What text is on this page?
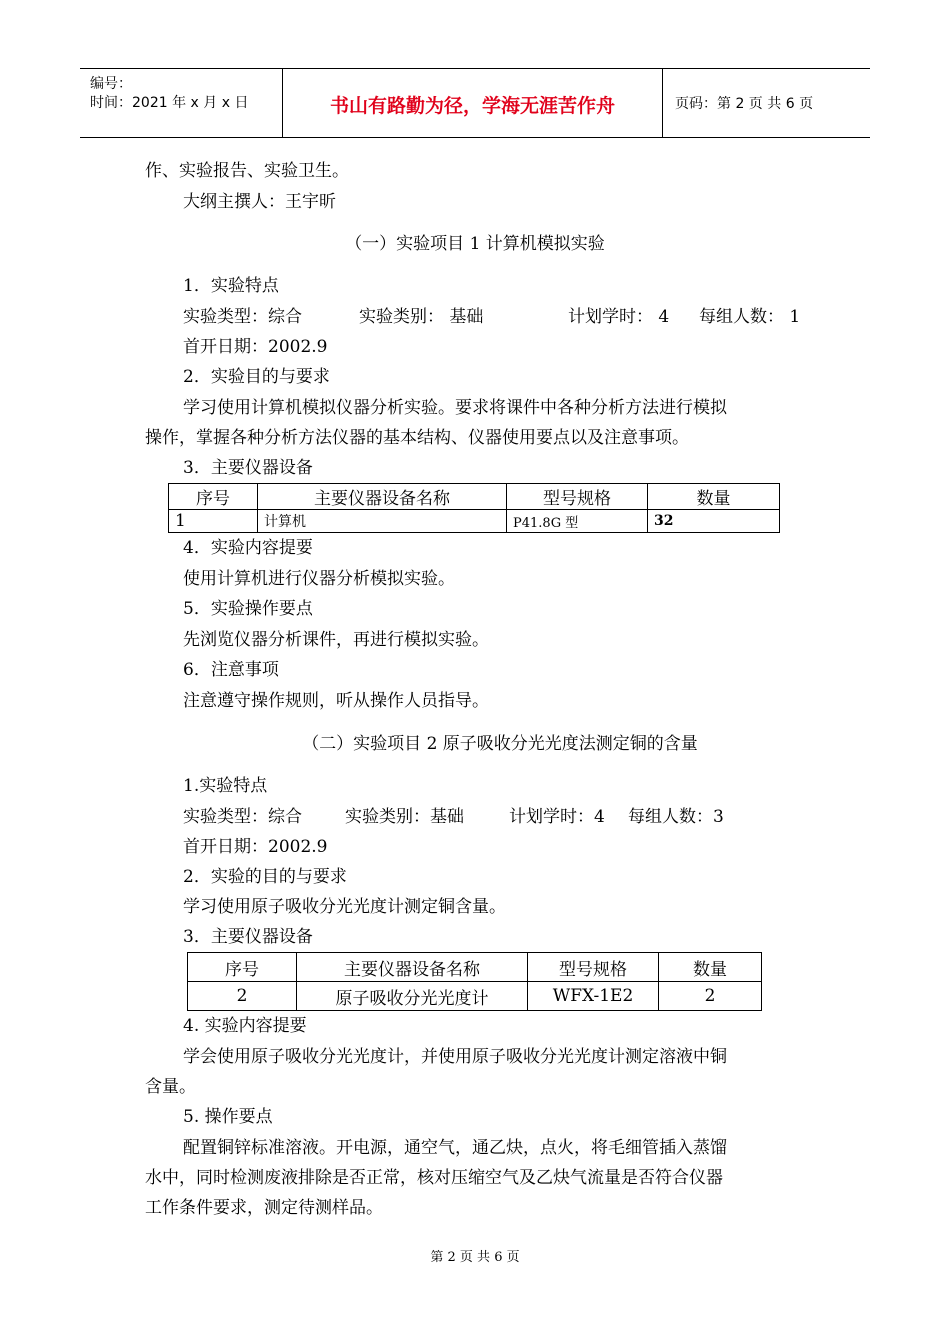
编号：
时间：2021 年 x 月 x 日	书山有路勤为径，学海无涯苦作舟	页码：第 2 页 共 6 页
作、实验报告、实验卫生。
大纲主撰人：王宇昕
（一）实验项目 1 计算机模拟实验
1．实验特点
实验类型：综合	实验类别： 基础	计划学时： 4 每组人数： 1
首开日期：2002.9
2．实验目的与要求
学习使用计算机模拟仪器分析实验。要求将课件中各种分析方法进行模拟
操作，掌握各种分析方法仪器的基本结构、仪器使用要点以及注意事项。
3．主要仪器设备
序号	主要仪器设备名称	型号规格	数量
1	计算机	P41.8G 型	32
4．实验内容提要
使用计算机进行仪器分析模拟实验。
5．实验操作要点
先浏览仪器分析课件，再进行模拟实验。
6．注意事项
注意遵守操作规则，听从操作人员指导。
（二）实验项目 2 原子吸收分光光度法测定铜的含量
1.实验特点
实验类型：综合	实验类别：基础	计划学时：4 每组人数：3
首开日期：2002.9
2．实验的目的与要求
学习使用原子吸收分光光度计测定铜含量。
3．主要仪器设备
序号	主要仪器设备名称	型号规格	数量
2	原子吸收分光光度计	WFX-1E2	2
4. 实验内容提要
学会使用原子吸收分光光度计，并使用原子吸收分光光度计测定溶液中铜
含量。
5. 操作要点
配置铜锌标准溶液。开电源，通空气，通乙炔，点火，将毛细管插入蒸馏
水中，同时检测废液排除是否正常，核对压缩空气及乙炔气流量是否符合仪器
工作条件要求，测定待测样品。
第 2 页 共 6 页
